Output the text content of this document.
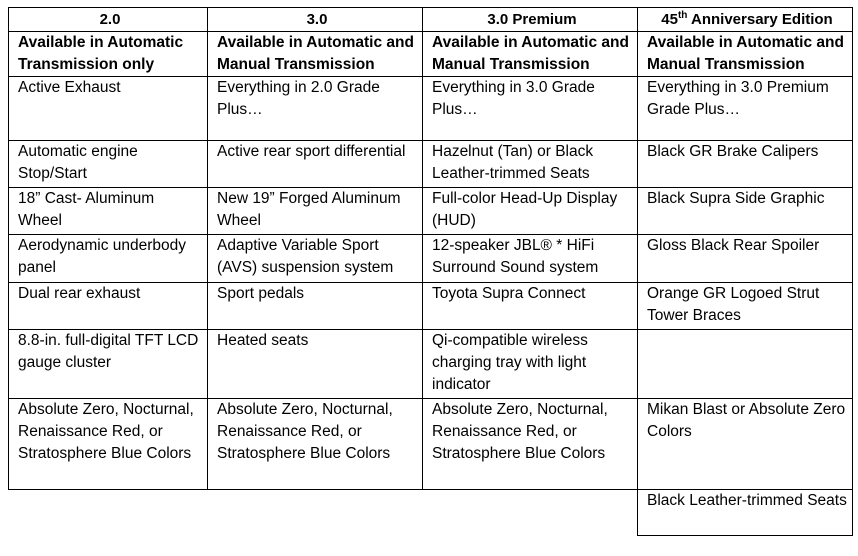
2.0	3.0	3.0 Premium	45th Anniversary Edition
Available in Automatic Transmission only	Available in Automatic and Manual Transmission	Available in Automatic and Manual Transmission	Available in Automatic and Manual Transmission
Active Exhaust	Everything in 2.0 Grade Plus…	Everything in 3.0 Grade Plus…	Everything in 3.0 Premium Grade Plus…
Automatic engine Stop/Start	Active rear sport differential	Hazelnut (Tan) or Black Leather-trimmed Seats	Black GR Brake Calipers
18” Cast- Aluminum Wheel	New 19” Forged Aluminum Wheel	Full-color Head-Up Display (HUD)	Black Supra Side Graphic
Aerodynamic underbody panel	Adaptive Variable Sport (AVS) suspension system	12-speaker JBL® * HiFi Surround Sound system	Gloss Black Rear Spoiler
Dual rear exhaust	Sport pedals	Toyota Supra Connect	Orange GR Logoed Strut Tower Braces
8.8-in. full-digital TFT LCD gauge cluster	Heated seats	Qi-compatible wireless charging tray with light indicator	
Absolute Zero, Nocturnal, Renaissance Red, or Stratosphere Blue Colors	Absolute Zero, Nocturnal, Renaissance Red, or Stratosphere Blue Colors	Absolute Zero, Nocturnal, Renaissance Red, or Stratosphere Blue Colors	Mikan Blast or Absolute Zero Colors
			Black Leather-trimmed Seats
